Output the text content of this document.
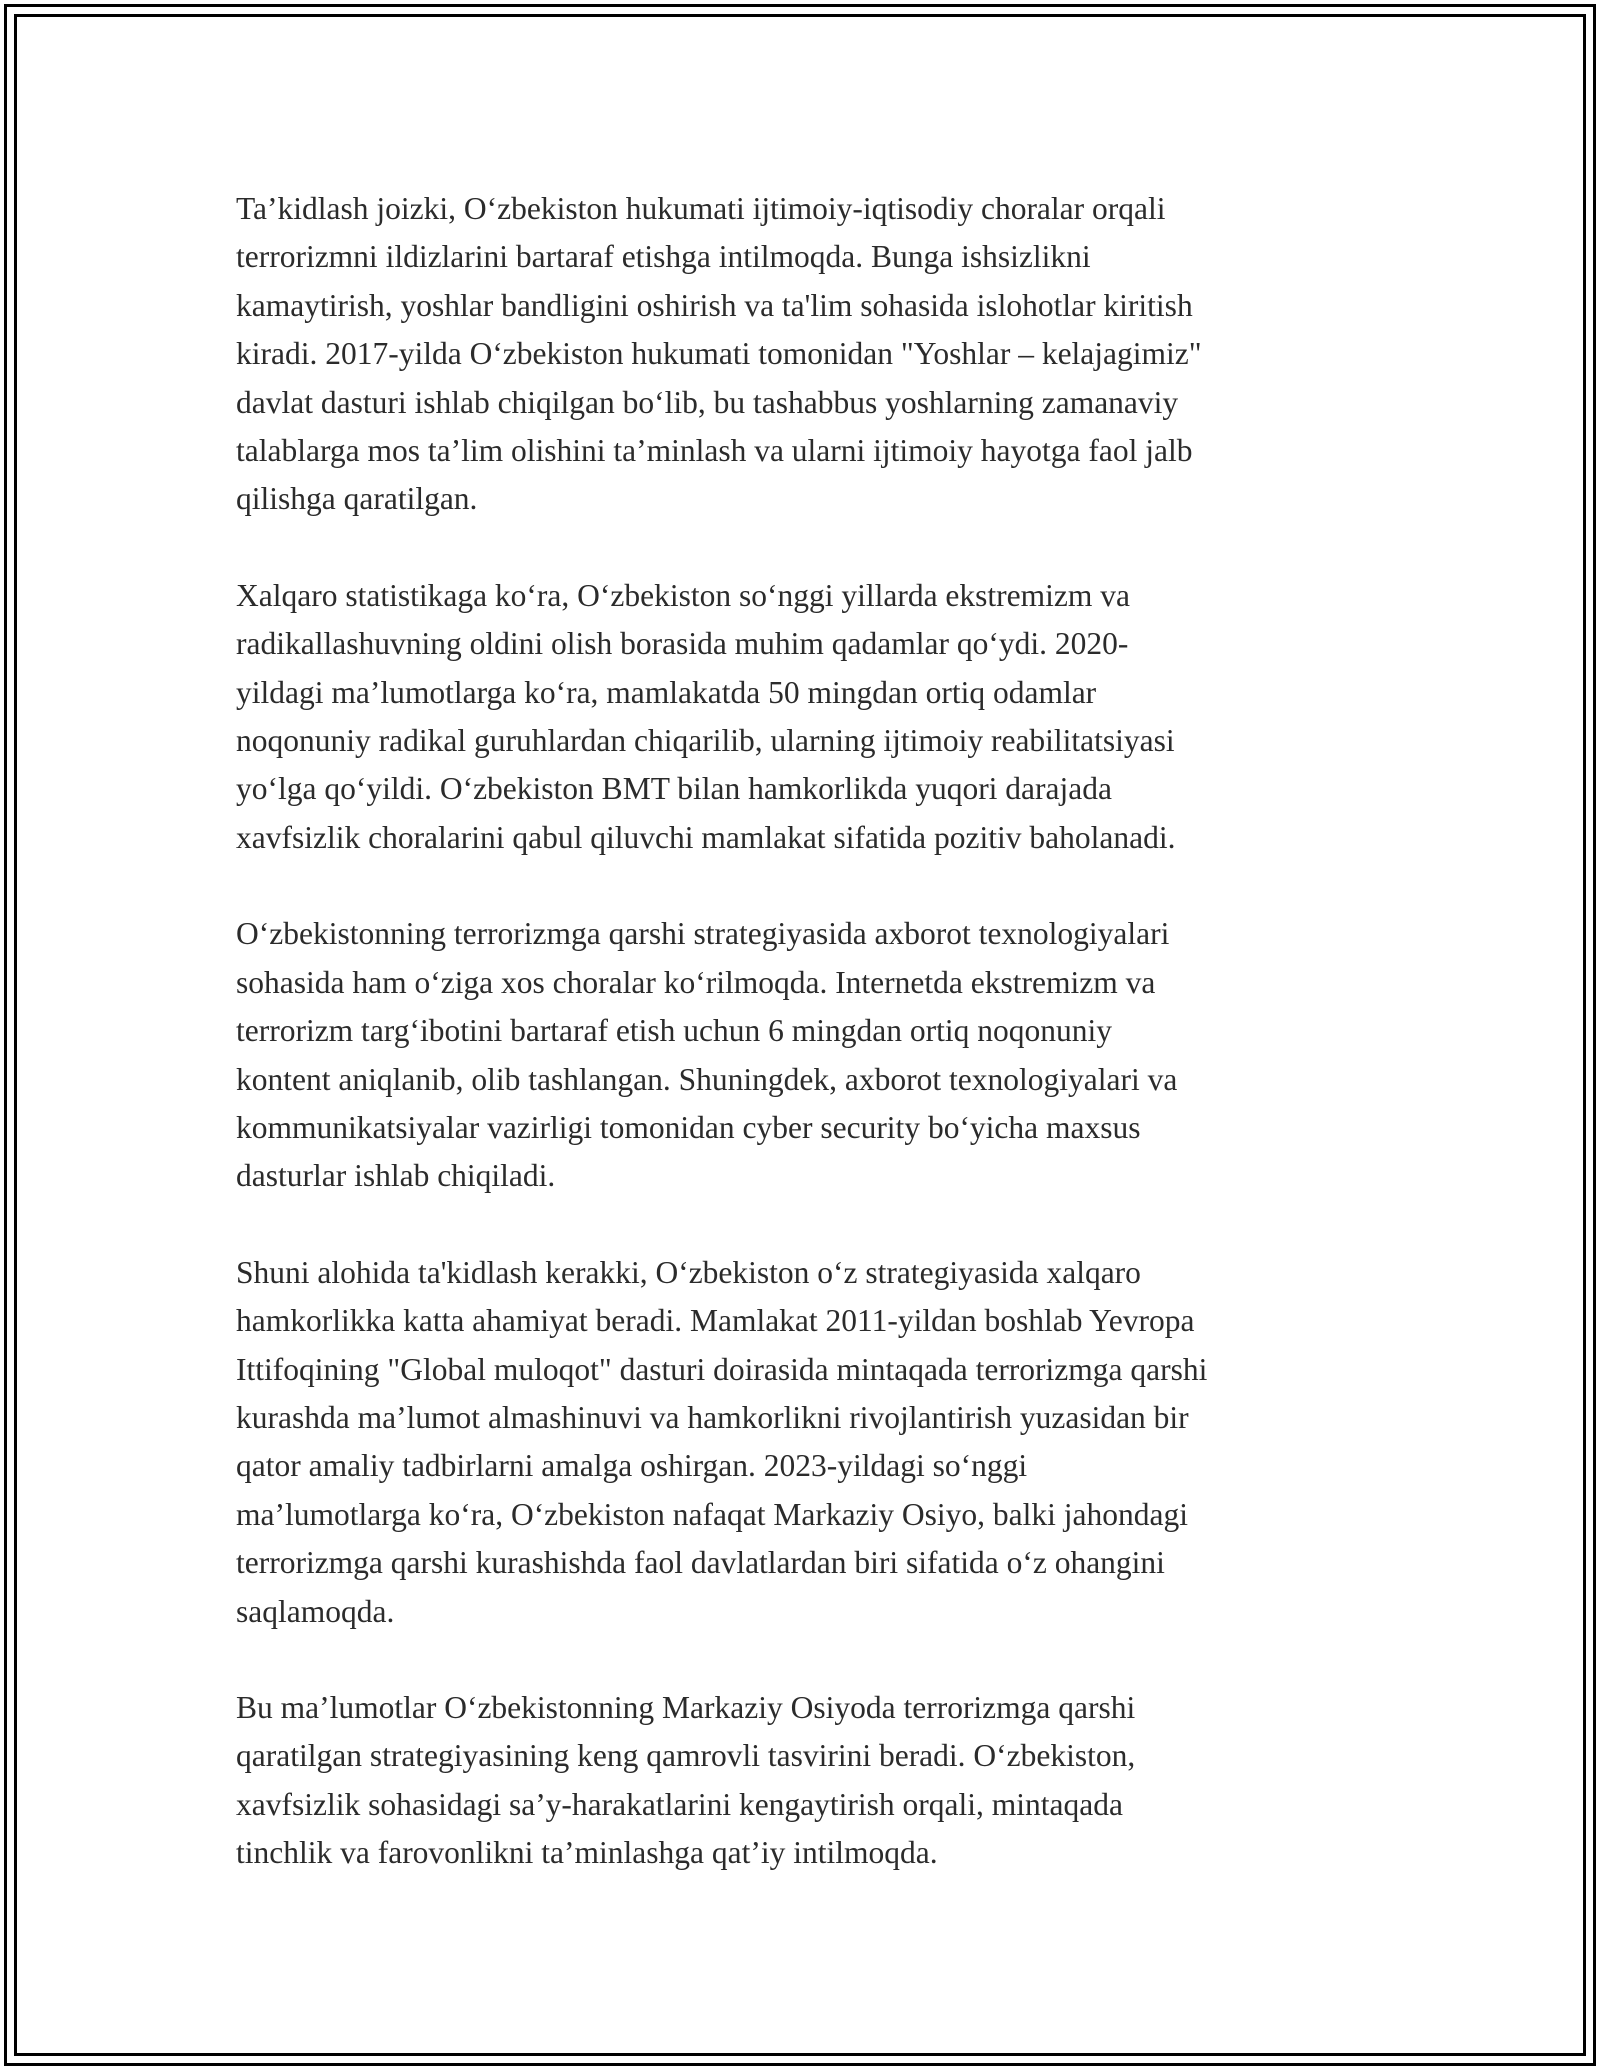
Ta’kidlash joizki, O‘zbekiston hukumati ijtimoiy-iqtisodiy choralar orqali
terrorizmni ildizlarini bartaraf etishga intilmoqda. Bunga ishsizlikni
kamaytirish, yoshlar bandligini oshirish va ta'lim sohasida islohotlar kiritish
kiradi. 2017-yilda O‘zbekiston hukumati tomonidan "Yoshlar – kelajagimiz"
davlat dasturi ishlab chiqilgan bo‘lib, bu tashabbus yoshlarning zamanaviy
talablarga mos ta’lim olishini ta’minlash va ularni ijtimoiy hayotga faol jalb
qilishga qaratilgan.

Xalqaro statistikaga ko‘ra, O‘zbekiston so‘nggi yillarda ekstremizm va
radikallashuvning oldini olish borasida muhim qadamlar qo‘ydi. 2020-
yildagi ma’lumotlarga ko‘ra, mamlakatda 50 mingdan ortiq odamlar
noqonuniy radikal guruhlardan chiqarilib, ularning ijtimoiy reabilitatsiyasi
yo‘lga qo‘yildi. O‘zbekiston BMT bilan hamkorlikda yuqori darajada
xavfsizlik choralarini qabul qiluvchi mamlakat sifatida pozitiv baholanadi.

O‘zbekistonning terrorizmga qarshi strategiyasida axborot texnologiyalari
sohasida ham o‘ziga xos choralar ko‘rilmoqda. Internetda ekstremizm va
terrorizm targ‘ibotini bartaraf etish uchun 6 mingdan ortiq noqonuniy
kontent aniqlanib, olib tashlangan. Shuningdek, axborot texnologiyalari va
kommunikatsiyalar vazirligi tomonidan cyber security bo‘yicha maxsus
dasturlar ishlab chiqiladi.

Shuni alohida ta'kidlash kerakki, O‘zbekiston o‘z strategiyasida xalqaro
hamkorlikka katta ahamiyat beradi. Mamlakat 2011-yildan boshlab Yevropa
Ittifoqining "Global muloqot" dasturi doirasida mintaqada terrorizmga qarshi
kurashda ma’lumot almashinuvi va hamkorlikni rivojlantirish yuzasidan bir
qator amaliy tadbirlarni amalga oshirgan. 2023-yildagi so‘nggi
ma’lumotlarga ko‘ra, O‘zbekiston nafaqat Markaziy Osiyo, balki jahondagi
terrorizmga qarshi kurashishda faol davlatlardan biri sifatida o‘z ohangini
saqlamoqda.

Bu ma’lumotlar O‘zbekistonning Markaziy Osiyoda terrorizmga qarshi
qaratilgan strategiyasining keng qamrovli tasvirini beradi. O‘zbekiston,
xavfsizlik sohasidagi sa’y-harakatlarini kengaytirish orqali, mintaqada
tinchlik va farovonlikni ta’minlashga qat’iy intilmoqda.
